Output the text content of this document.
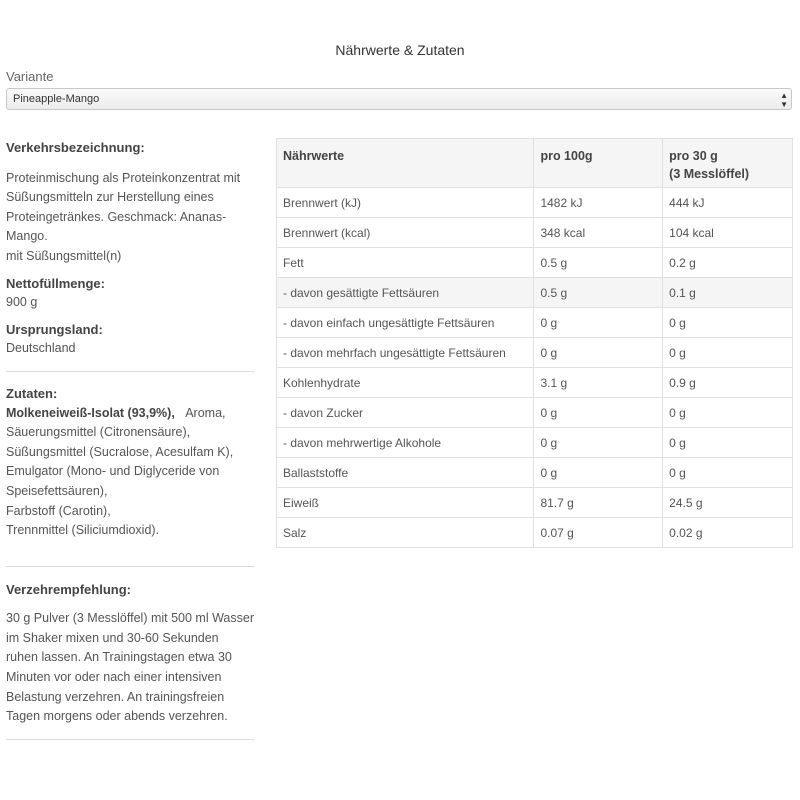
Nährwerte & Zutaten
Variante
Pineapple-Mango	▲
▼
Verkehrsbezeichnung:
Proteinmischung als Proteinkonzentrat mit Süßungsmitteln zur Herstellung eines Proteingetränkes. Geschmack: Ananas-Mango.
mit Süßungsmittel(n)
Nettofüllmenge:
900 g
Ursprungsland:
Deutschland
Zutaten:
Molkeneiweiß-Isolat (93,9%), Aroma,
Säuerungsmittel (Citronensäure),
Süßungsmittel (Sucralose, Acesulfam K),
Emulgator (Mono- und Diglyceride von Speisefettsäuren),
Farbstoff (Carotin),
Trennmittel (Siliciumdioxid).
Verzehrempfehlung:
30 g Pulver (3 Messlöffel) mit 500 ml Wasser im Shaker mixen und 30-60 Sekunden ruhen lassen. An Trainingstagen etwa 30 Minuten vor oder nach einer intensiven Belastung verzehren. An trainingsfreien Tagen morgens oder abends verzehren.
Nährwerte	pro 100g	pro 30 g
(3 Messlöffel)
Brennwert (kJ)	1482 kJ	444 kJ
Brennwert (kcal)	348 kcal	104 kcal
Fett	0.5 g	0.2 g
- davon gesättigte Fettsäuren	0.5 g	0.1 g
- davon einfach ungesättigte Fettsäuren	0 g	0 g
- davon mehrfach ungesättigte Fettsäuren	0 g	0 g
Kohlenhydrate	3.1 g	0.9 g
- davon Zucker	0 g	0 g
- davon mehrwertige Alkohole	0 g	0 g
Ballaststoffe	0 g	0 g
Eiweiß	81.7 g	24.5 g
Salz	0.07 g	0.02 g
